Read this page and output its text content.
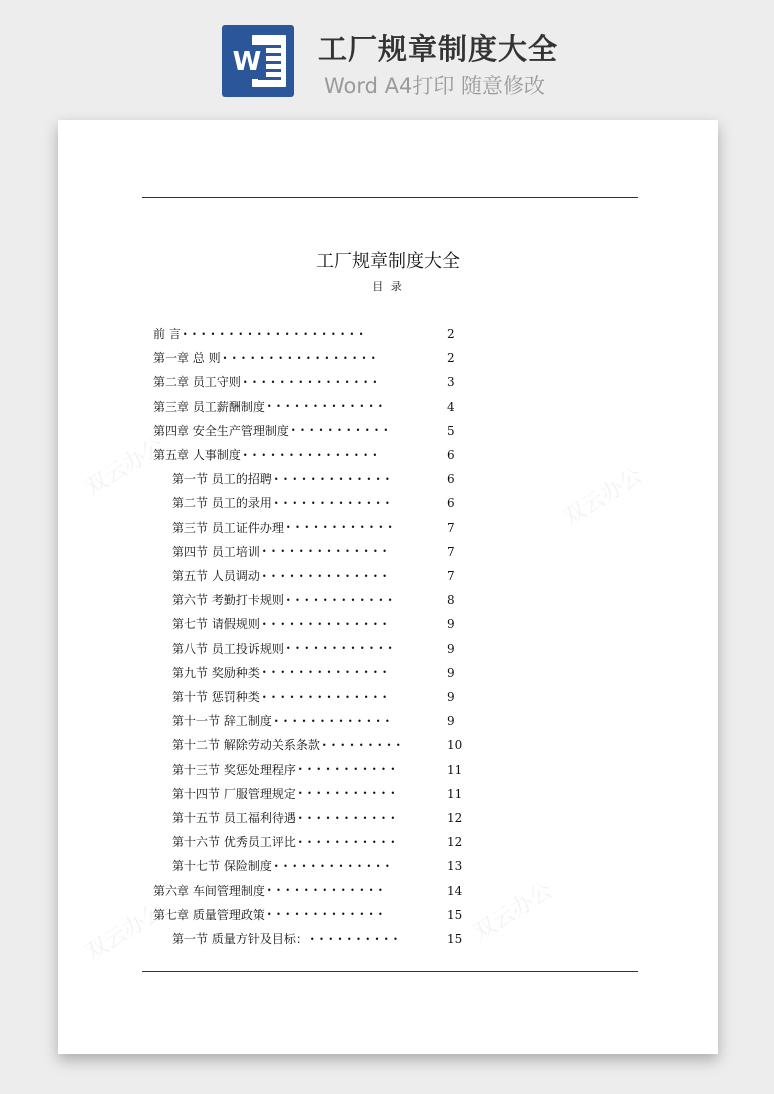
W 工厂规章制度大全
Word A4打印 随意修改
工厂规章制度大全
目 录
前 言 • • • • • • • • • • • • • • • • • • • •	2
第一章 总 则 • • • • • • • • • • • • • • • • •	2
第二章 员工守则 • • • • • • • • • • • • • • •	3
第三章 员工薪酬制度 • • • • • • • • • • • • •	4
第四章 安全生产管理制度 • • • • • • • • • • •	5
第五章 人事制度 • • • • • • • • • • • • • • •	6
第一节 员工的招聘 • • • • • • • • • • • • •	6
第二节 员工的录用 • • • • • • • • • • • • •	6
第三节 员工证件办理 • • • • • • • • • • • •	7
第四节 员工培训 • • • • • • • • • • • • • •	7
第五节 人员调动 • • • • • • • • • • • • • •	7
第六节 考勤打卡规则 • • • • • • • • • • • •	8
第七节 请假规则 • • • • • • • • • • • • • •	9
第八节 员工投诉规则 • • • • • • • • • • • •	9
第九节 奖励种类 • • • • • • • • • • • • • •	9
第十节 惩罚种类 • • • • • • • • • • • • • •	9
第十一节 辞工制度 • • • • • • • • • • • • •	9
第十二节 解除劳动关系条款 • • • • • • • • •	10
第十三节 奖惩处理程序 • • • • • • • • • • •	11
第十四节 厂服管理规定 • • • • • • • • • • •	11
第十五节 员工福利待遇 • • • • • • • • • • •	12
第十六节 优秀员工评比 • • • • • • • • • • •	12
第十七节 保险制度 • • • • • • • • • • • • •	13
第六章 车间管理制度 • • • • • • • • • • • • •	14
第七章 质量管理政策 • • • • • • • • • • • • •	15
第一节 质量方针及目标： • • • • • • • • • •	15
双云办公	双云办公
双云办公	双云办公
